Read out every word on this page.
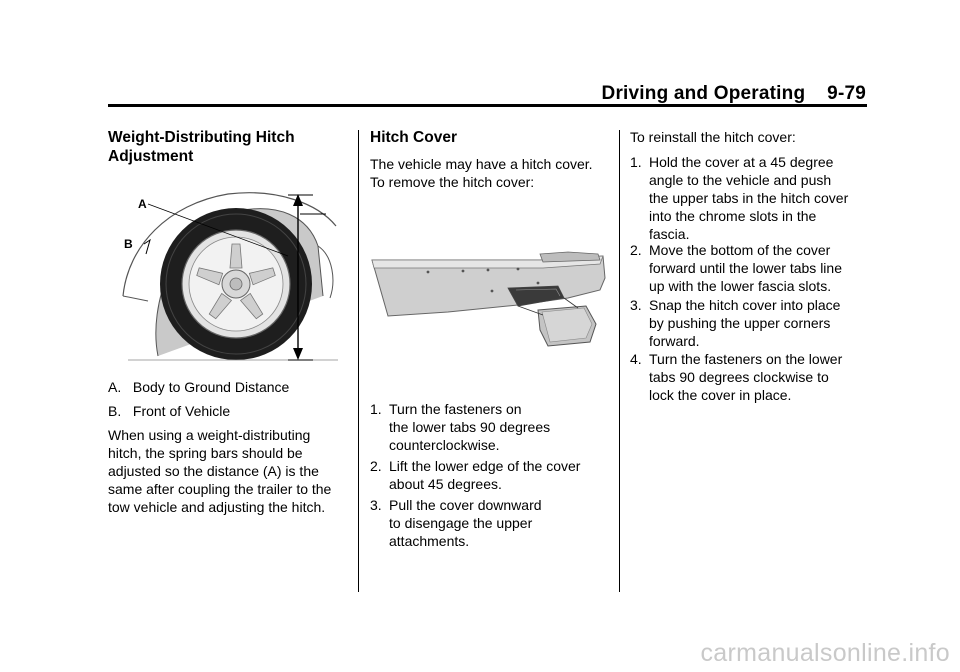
Driving and Operating 9-79
Weight-Distributing Hitch
Adjustment
A
B
A.   Body to Ground Distance
B.   Front of Vehicle
When using a weight-distributing
hitch, the spring bars should be
adjusted so the distance (A) is the
same after coupling the trailer to the
tow vehicle and adjusting the hitch.
Hitch Cover
The vehicle may have a hitch cover.
To remove the hitch cover:
1. Turn the fasteners on
the lower tabs 90 degrees
counterclockwise.
2. Lift the lower edge of the cover
about 45 degrees.
3. Pull the cover downward
to disengage the upper
attachments.
To reinstall the hitch cover:
1. Hold the cover at a 45 degree
angle to the vehicle and push
the upper tabs in the hitch cover
into the chrome slots in the
fascia.
2. Move the bottom of the cover
forward until the lower tabs line
up with the lower fascia slots.
3. Snap the hitch cover into place
by pushing the upper corners
forward.
4. Turn the fasteners on the lower
tabs 90 degrees clockwise to
lock the cover in place.
carmanualsonline.info
